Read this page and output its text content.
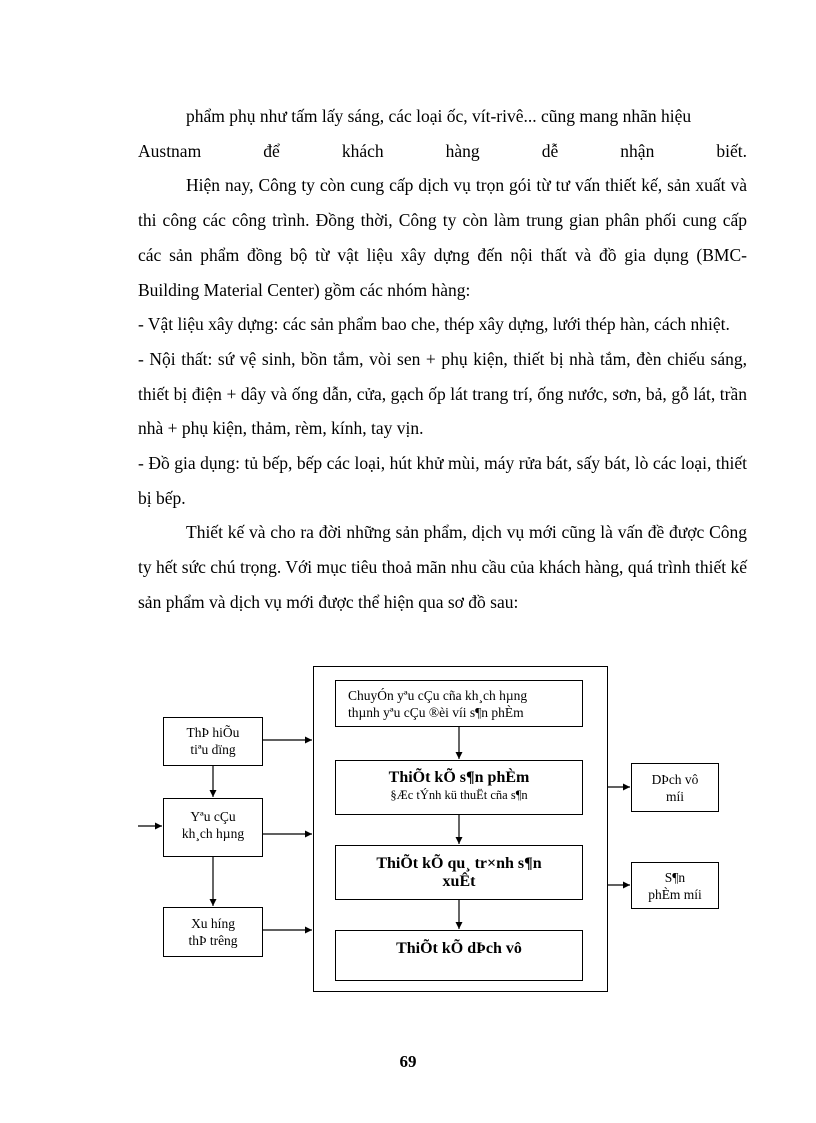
phẩm phụ như tấm lấy sáng, các loại ốc, vít-rivê... cũng mang nhãn hiệu

Austnam để khách hàng dễ nhận biết.

Hiện nay, Công ty còn cung cấp dịch vụ trọn gói từ tư vấn thiết kế, sản xuất và thi công các công trình. Đồng thời, Công ty còn làm trung gian phân phối cung cấp các sản phẩm đồng bộ từ vật liệu xây dựng đến nội thất và đồ gia dụng (BMC- Building Material Center) gồm các nhóm hàng:

- Vật liệu xây dựng: các sản phẩm bao che, thép xây dựng, lưới thép hàn, cách nhiệt.

- Nội thất: sứ vệ sinh, bồn tắm, vòi sen + phụ kiện, thiết bị nhà tắm, đèn chiếu sáng, thiết bị điện + dây và ống dẫn, cửa, gạch ốp lát trang trí, ống nước, sơn, bả, gỗ lát, trần nhà + phụ kiện, thảm, rèm, kính, tay vịn.

- Đồ gia dụng: tủ bếp, bếp các loại, hút khử mùi, máy rửa bát, sấy bát, lò các loại, thiết bị bếp.

Thiết kế và cho ra đời những sản phẩm, dịch vụ mới cũng là vấn đề được Công ty hết sức chú trọng. Với mục tiêu thoả mãn nhu cầu của khách hàng, quá trình thiết kế sản phẩm và dịch vụ mới được thể hiện qua sơ đồ sau:

ThÞ hiÕu
tiªu dïng
Yªu cÇu
kh¸ch hµng
Xu híng
thÞ trêng
ChuyÓn yªu cÇu cña kh¸ch hµng
thµnh yªu cÇu ®èi víi s¶n phÈm
ThiÕt kÕ s¶n phÈm
§Æc tÝnh kü thuËt cña s¶n
ThiÕt kÕ qu¸ tr×nh s¶n
xuÊt
ThiÕt kÕ dÞch vô
DÞch vô
míi
S¶n
phÈm míi
69
